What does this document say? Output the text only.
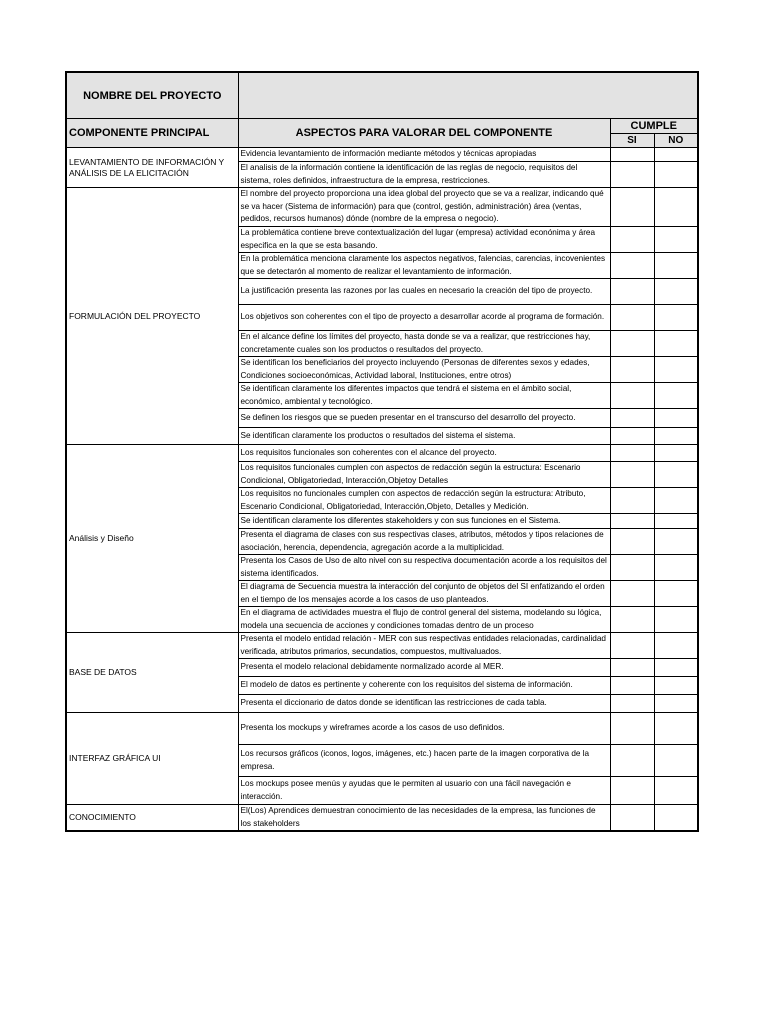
NOMBRE DEL PROYECTO			
COMPONENTE PRINCIPAL	ASPECTOS PARA VALORAR DEL COMPONENTE	CUMPLE	
		SI	NO
LEVANTAMIENTO DE INFORMACIÓN Y ANÁLISIS DE LA ELICITACIÓN	Evidencia levantamiento de información mediante métodos y técnicas apropiadas		
	El analisis de la información contiene la identificación de las reglas de negocio, requisitos del sistema, roles definidos, infraestructura de la empresa, restricciones.		
FORMULACIÓN DEL PROYECTO	El nombre del proyecto proporciona una idea global del proyecto que se va a realizar, indicando qué se va hacer (Sistema de información) para que (control, gestión, administración) área (ventas, pedidos, recursos humanos) dónde (nombre de la empresa o negocio).		
	La problemática contiene breve contextualización del lugar (empresa) actividad econónima y área especifica en la que se esta basando.		
	En la problemática menciona claramente los aspectos negativos, falencias, carencias, incovenientes que se detectarón al momento de realizar el levantamiento de información.		
	La justificación presenta las razones por las cuales en necesario la creación del tipo de proyecto.		
	Los objetivos son coherentes con el tipo de proyecto a desarrollar acorde al programa de formación.		
	En el alcance define los límites del proyecto, hasta donde se va a realizar, que restricciones hay, concretamente cuales son los productos o resultados del proyecto.		
	Se identifican los beneficiarios del proyecto incluyendo (Personas de diferentes sexos y edades, Condiciones socioeconómicas, Actividad laboral, Instituciones, entre otros)		
	Se identifican claramente los diferentes impactos que tendrá el sistema en el ámbito social, económico, ambiental y tecnológico.		
	Se definen los riesgos que se pueden presentar en el transcurso del desarrollo del proyecto.		
	Se identifican claramente los productos o resultados del sistema el sistema.		
Análisis y Diseño	Los requisitos funcionales son coherentes con el alcance del proyecto.		
	Los requisitos funcionales cumplen con aspectos de redacción según la estructura: Escenario Condicional, Obligatoriedad, Interacción,Objetoy Detalles		
	Los requisitos no funcionales cumplen con aspectos de redacción según la estructura: Atributo, Escenario Condicional, Obligatoriedad, Interacción,Objeto, Detalles y Medición.		
	Se identifican claramente los diferentes stakeholders y con sus funciones en el Sistema.		
	Presenta el diagrama de clases con sus respectivas clases, atributos, métodos y tipos relaciones de asociación, herencia, dependencia, agregación acorde a la multiplicidad.		
	Presenta los Casos de Uso de alto nivel con su respectiva documentación acorde a los requisitos del sistema identificados.		
	El diagrama de Secuencia muestra la interacción del conjunto de objetos del SI enfatizando el orden en el tiempo de los mensajes acorde a los casos de uso planteados.		
	En el diagrama de actividades muestra el flujo de control general del sistema, modelando su lógica, modela una secuencia de acciones y condiciones tomadas dentro de un proceso		
BASE DE DATOS	Presenta el modelo entidad relación - MER con sus respectivas entidades relacionadas, cardinalidad verificada, atributos primarios, secundatios, compuestos, multivaluados.		
	Presenta el modelo relacional debidamente normalizado acorde al MER.		
	El modelo de datos es pertinente y coherente con los requisitos del sistema de información.		
	Presenta el diccionario de datos donde se identifican las restricciones de cada tabla.		
INTERFAZ GRÁFICA UI	Presenta los mockups y wireframes acorde a los casos de uso definidos.		
	Los recursos gráficos (iconos, logos, imágenes, etc.) hacen parte de la imagen corporativa de la empresa.		
	Los mockups posee menús y ayudas que le permiten al usuario con una fácil navegación e interacción.		
CONOCIMIENTO	El(Los) Aprendices demuestran conocimiento de las necesidades de la empresa, las funciones de los stakeholders		
